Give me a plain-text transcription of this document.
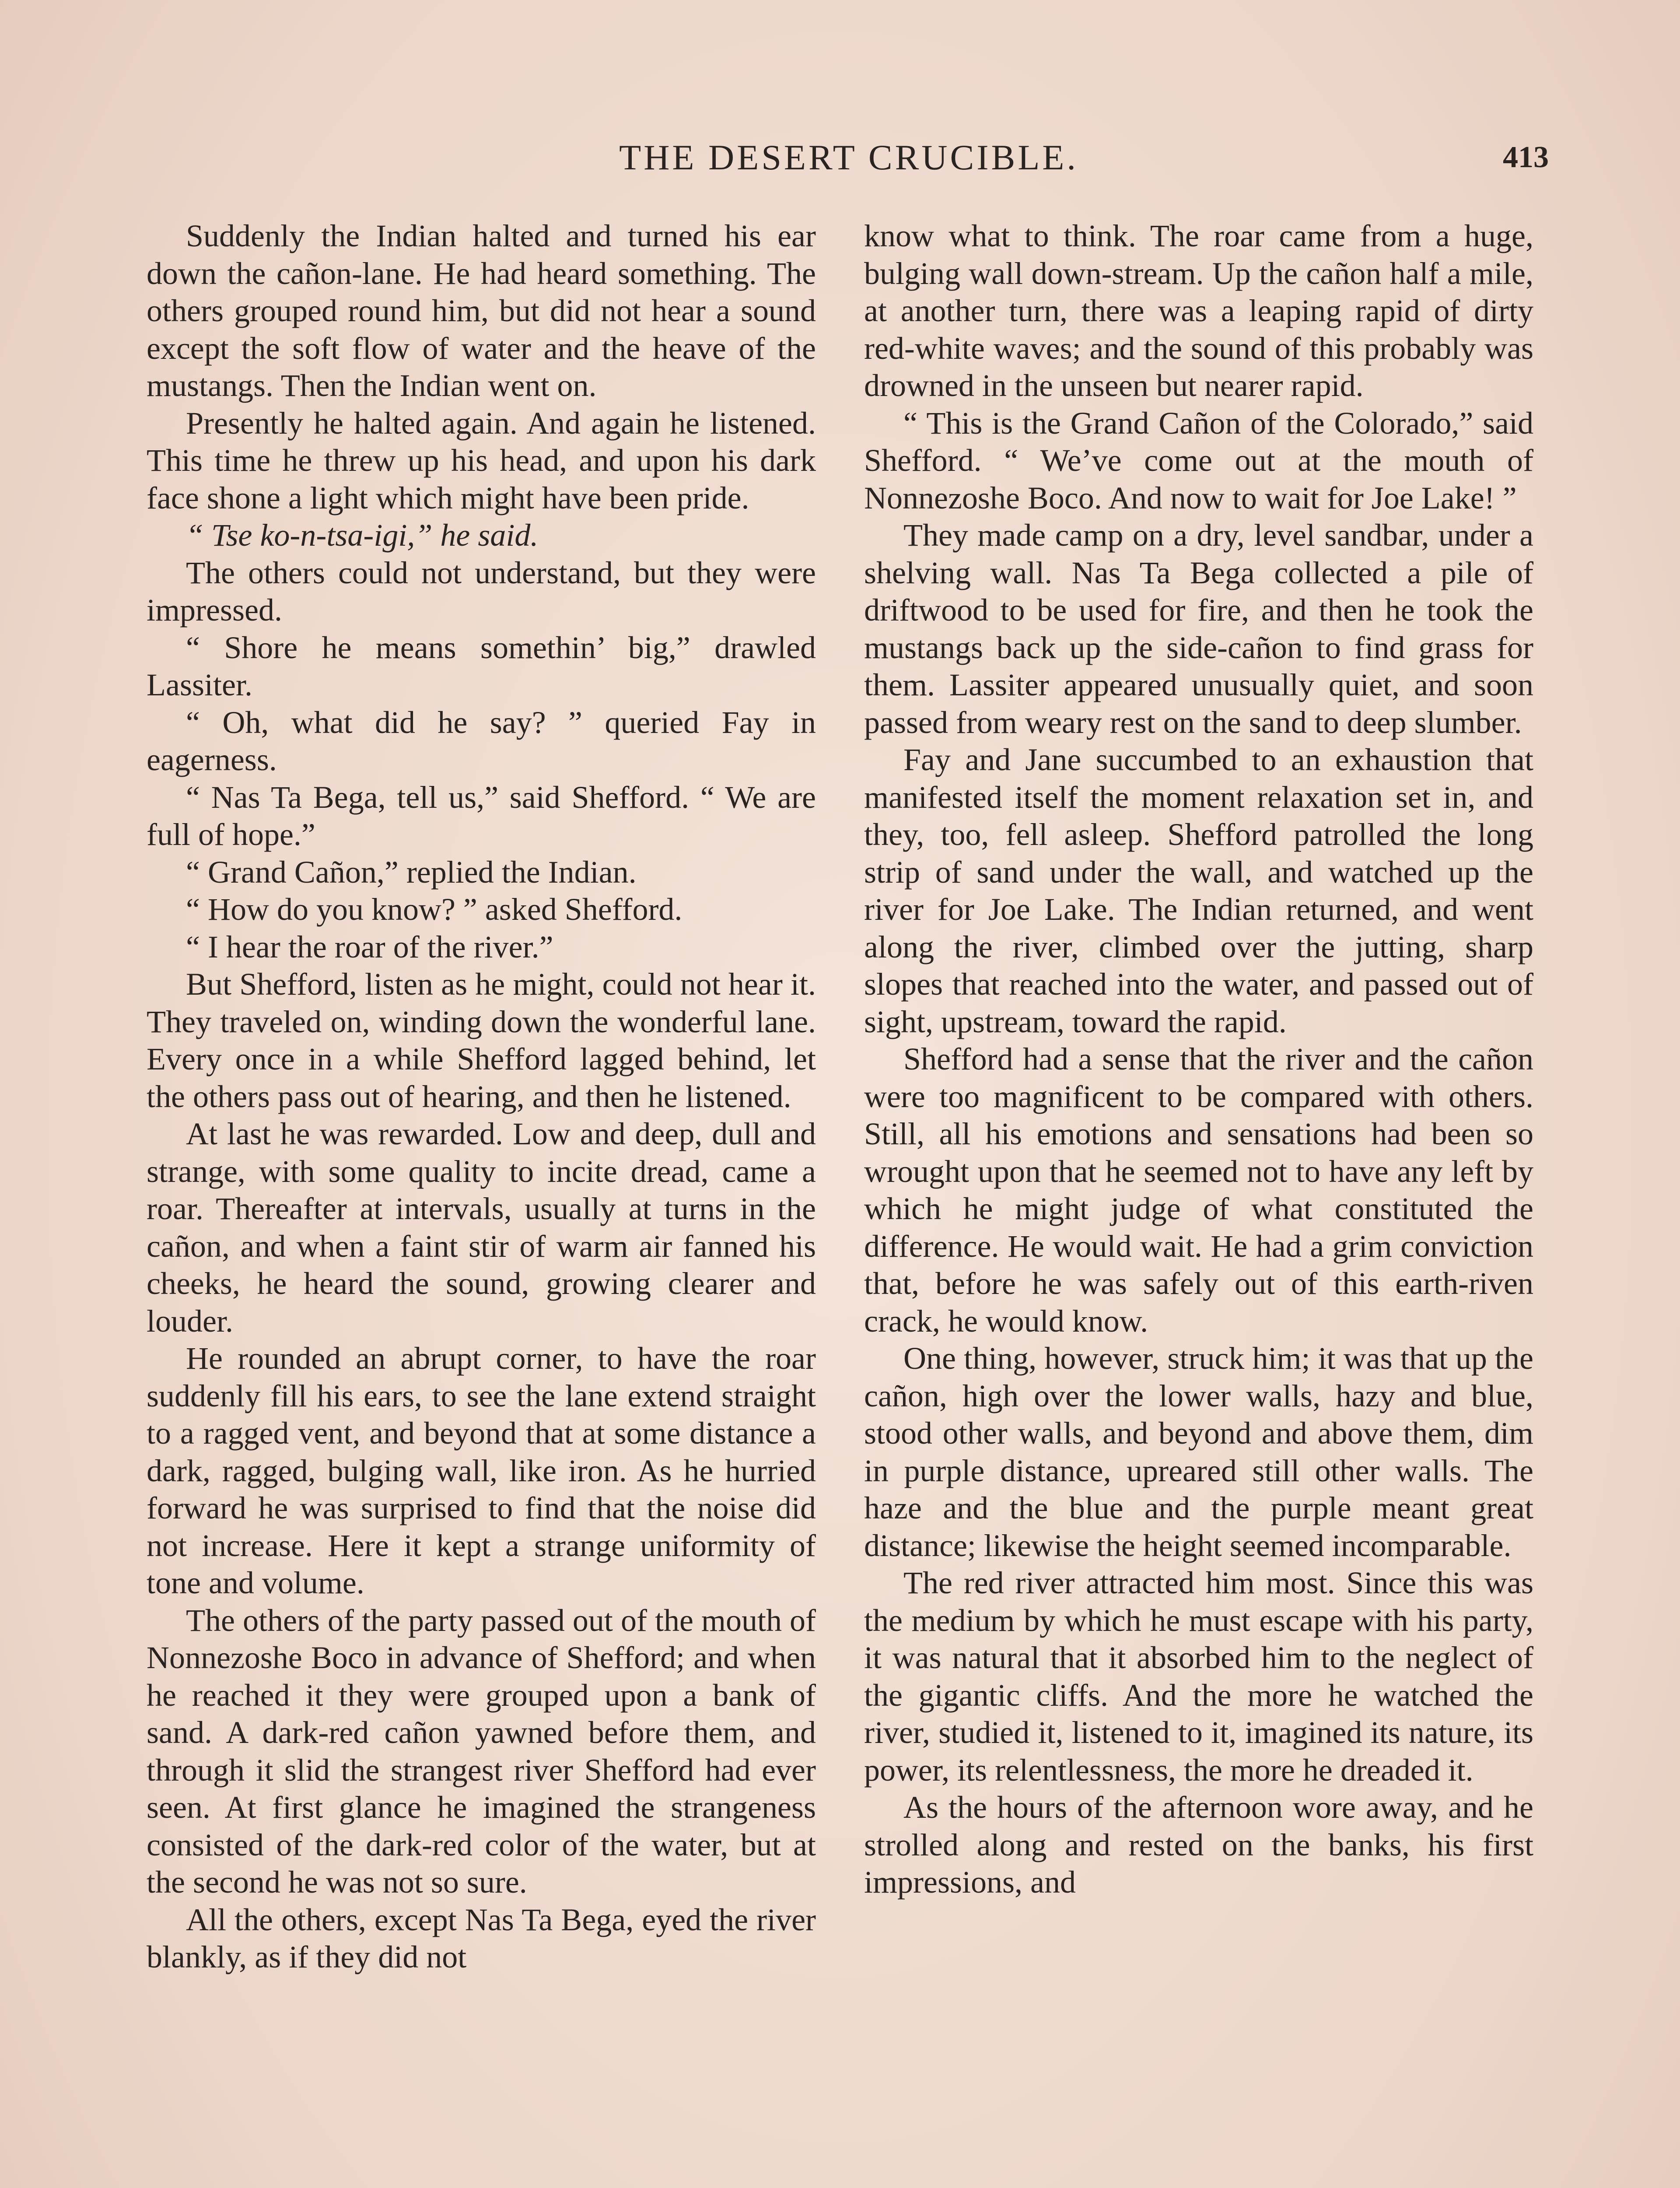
THE DESERT CRUCIBLE.	413

Suddenly the Indian halted and turned his ear down the cañon-lane. He had heard something. The others grouped round him, but did not hear a sound except the soft flow of water and the heave of the mustangs. Then the Indian went on.

Presently he halted again. And again he listened. This time he threw up his head, and upon his dark face shone a light which might have been pride.

“ Tse ko-n-tsa-igi,” he said.

The others could not understand, but they were impressed.

“ Shore he means somethin’ big,” drawled Lassiter.

“ Oh, what did he say? ” queried Fay in eagerness.

“ Nas Ta Bega, tell us,” said Shefford. “ We are full of hope.”

“ Grand Cañon,” replied the Indian.

“ How do you know? ” asked Shefford.

“ I hear the roar of the river.”

But Shefford, listen as he might, could not hear it. They traveled on, winding down the wonderful lane. Every once in a while Shefford lagged behind, let the others pass out of hearing, and then he listened.

At last he was rewarded. Low and deep, dull and strange, with some quality to incite dread, came a roar. Thereafter at intervals, usually at turns in the cañon, and when a faint stir of warm air fanned his cheeks, he heard the sound, growing clearer and louder.

He rounded an abrupt corner, to have the roar suddenly fill his ears, to see the lane extend straight to a ragged vent, and beyond that at some distance a dark, ragged, bulging wall, like iron. As he hurried forward he was surprised to find that the noise did not increase. Here it kept a strange uniformity of tone and volume.

The others of the party passed out of the mouth of Nonnezoshe Boco in advance of Shefford; and when he reached it they were grouped upon a bank of sand. A dark-red cañon yawned before them, and through it slid the strangest river Shefford had ever seen. At first glance he imagined the strangeness consisted of the dark-red color of the water, but at the second he was not so sure.

All the others, except Nas Ta Bega, eyed the river blankly, as if they did not

know what to think. The roar came from a huge, bulging wall down-stream. Up the cañon half a mile, at another turn, there was a leaping rapid of dirty red-white waves; and the sound of this probably was drowned in the unseen but nearer rapid.

“ This is the Grand Cañon of the Colorado,” said Shefford. “ We’ve come out at the mouth of Nonnezoshe Boco. And now to wait for Joe Lake! ”

They made camp on a dry, level sandbar, under a shelving wall. Nas Ta Bega collected a pile of driftwood to be used for fire, and then he took the mustangs back up the side-cañon to find grass for them. Lassiter appeared unusually quiet, and soon passed from weary rest on the sand to deep slumber.

Fay and Jane succumbed to an exhaustion that manifested itself the moment relaxation set in, and they, too, fell asleep. Shefford patrolled the long strip of sand under the wall, and watched up the river for Joe Lake. The Indian returned, and went along the river, climbed over the jutting, sharp slopes that reached into the water, and passed out of sight, upstream, toward the rapid.

Shefford had a sense that the river and the cañon were too magnificent to be compared with others. Still, all his emotions and sensations had been so wrought upon that he seemed not to have any left by which he might judge of what constituted the difference. He would wait. He had a grim conviction that, before he was safely out of this earth-riven crack, he would know.

One thing, however, struck him; it was that up the cañon, high over the lower walls, hazy and blue, stood other walls, and beyond and above them, dim in purple distance, upreared still other walls. The haze and the blue and the purple meant great distance; likewise the height seemed incomparable.

The red river attracted him most. Since this was the medium by which he must escape with his party, it was natural that it absorbed him to the neglect of the gigantic cliffs. And the more he watched the river, studied it, listened to it, imagined its nature, its power, its relentlessness, the more he dreaded it.

As the hours of the afternoon wore away, and he strolled along and rested on the banks, his first impressions, and
